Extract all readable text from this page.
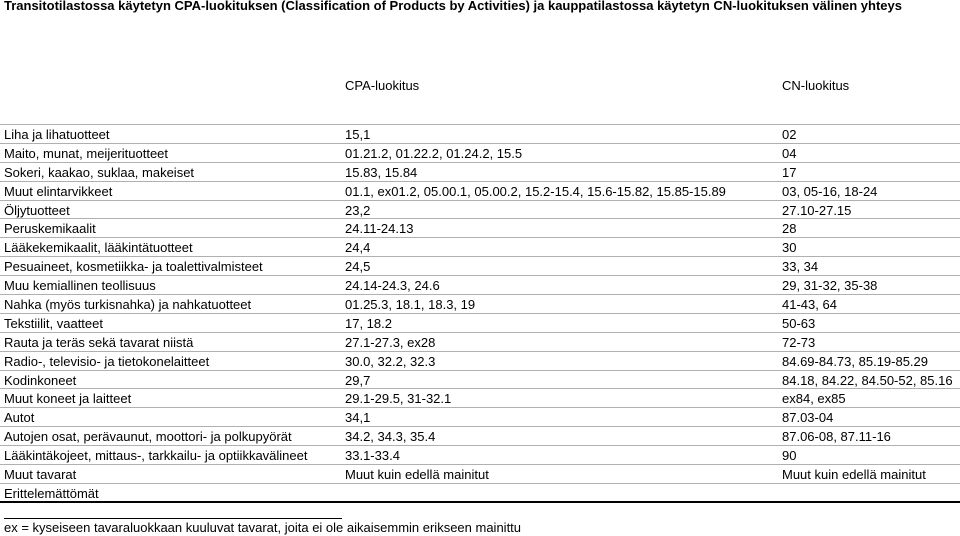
Transitotilastossa käytetyn CPA-luokituksen (Classification of Products by Activities) ja kauppatilastossa käytetyn CN-luokituksen välinen yhteys
CPA-luokitus	CN-luokitus
Liha ja lihatuotteet	15,1	02
Maito, munat, meijerituotteet	01.21.2, 01.22.2, 01.24.2, 15.5	04
Sokeri, kaakao, suklaa, makeiset	15.83, 15.84	17
Muut elintarvikkeet	01.1, ex01.2, 05.00.1, 05.00.2, 15.2-15.4, 15.6-15.82, 15.85-15.89	03, 05-16, 18-24
Öljytuotteet	23,2	27.10-27.15
Peruskemikaalit	24.11-24.13	28
Lääkekemikaalit, lääkintätuotteet	24,4	30
Pesuaineet, kosmetiikka- ja toalettivalmisteet	24,5	33, 34
Muu kemiallinen teollisuus	24.14-24.3, 24.6	29, 31-32, 35-38
Nahka (myös turkisnahka) ja nahkatuotteet	01.25.3, 18.1, 18.3, 19	41-43, 64
Tekstiilit, vaatteet	17, 18.2	50-63
Rauta ja teräs sekä tavarat niistä	27.1-27.3, ex28	72-73
Radio-, televisio- ja tietokonelaitteet	30.0, 32.2, 32.3	84.69-84.73, 85.19-85.29
Kodinkoneet	29,7	84.18, 84.22, 84.50-52, 85.16
Muut koneet ja laitteet	29.1-29.5, 31-32.1	ex84, ex85
Autot	34,1	87.03-04
Autojen osat, perävaunut, moottori- ja polkupyörät	34.2, 34.3, 35.4	87.06-08, 87.11-16
Lääkintäkojeet, mittaus-, tarkkailu- ja optiikkavälineet	33.1-33.4	90
Muut tavarat	Muut kuin edellä mainitut	Muut kuin edellä mainitut
Erittelemättömät
ex = kyseiseen tavaraluokkaan kuuluvat tavarat, joita ei ole aikaisemmin erikseen mainittu
